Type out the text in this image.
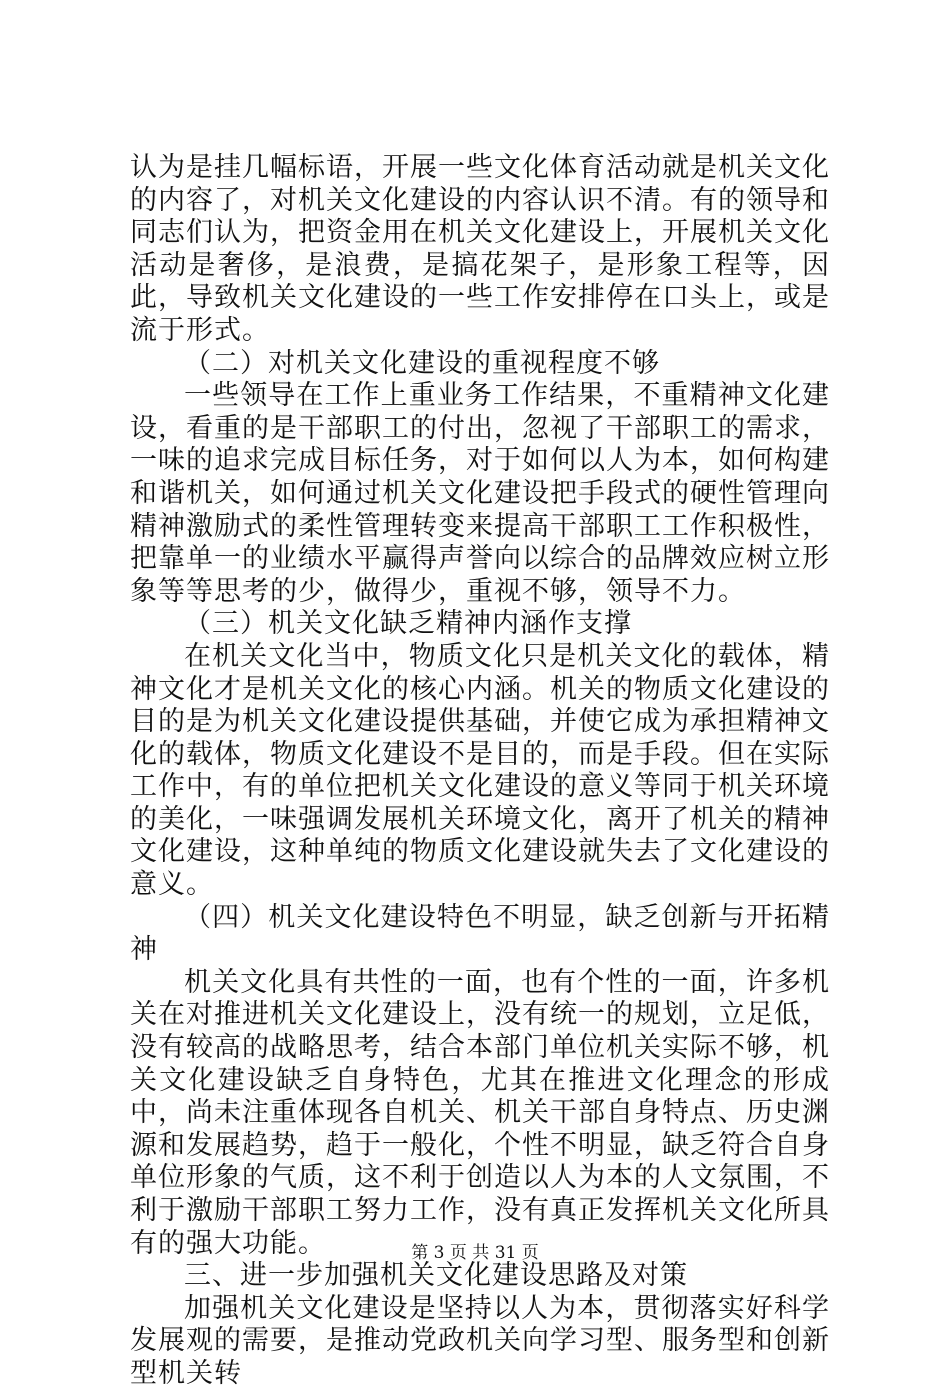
认为是挂几幅标语，开展一些文化体育活动就是机关文化的内容了，对机关文化建设的内容认识不清。有的领导和同志们认为，把资金用在机关文化建设上，开展机关文化活动是奢侈，是浪费，是搞花架子，是形象工程等，因此，导致机关文化建设的一些工作安排停在口头上，或是流于形式。

（二）对机关文化建设的重视程度不够

一些领导在工作上重业务工作结果，不重精神文化建设，看重的是干部职工的付出，忽视了干部职工的需求，一味的追求完成目标任务，对于如何以人为本，如何构建和谐机关，如何通过机关文化建设把手段式的硬性管理向精神激励式的柔性管理转变来提高干部职工工作积极性，把靠单一的业绩水平赢得声誉向以综合的品牌效应树立形象等等思考的少，做得少，重视不够，领导不力。

（三）机关文化缺乏精神内涵作支撑

在机关文化当中，物质文化只是机关文化的载体，精神文化才是机关文化的核心内涵。机关的物质文化建设的目的是为机关文化建设提供基础，并使它成为承担精神文化的载体，物质文化建设不是目的，而是手段。但在实际工作中，有的单位把机关文化建设的意义等同于机关环境的美化，一味强调发展机关环境文化，离开了机关的精神文化建设，这种单纯的物质文化建设就失去了文化建设的意义。

（四）机关文化建设特色不明显，缺乏创新与开拓精神

机关文化具有共性的一面，也有个性的一面，许多机关在对推进机关文化建设上，没有统一的规划，立足低，没有较高的战略思考，结合本部门单位机关实际不够，机关文化建设缺乏自身特色，尤其在推进文化理念的形成中，尚未注重体现各自机关、机关干部自身特点、历史渊源和发展趋势，趋于一般化，个性不明显，缺乏符合自身单位形象的气质，这不利于创造以人为本的人文氛围，不利于激励干部职工努力工作，没有真正发挥机关文化所具有的强大功能。

三、进一步加强机关文化建设思路及对策

加强机关文化建设是坚持以人为本，贯彻落实好科学发展观的需要，是推动党政机关向学习型、服务型和创新型机关转

第 3 页 共 31 页
